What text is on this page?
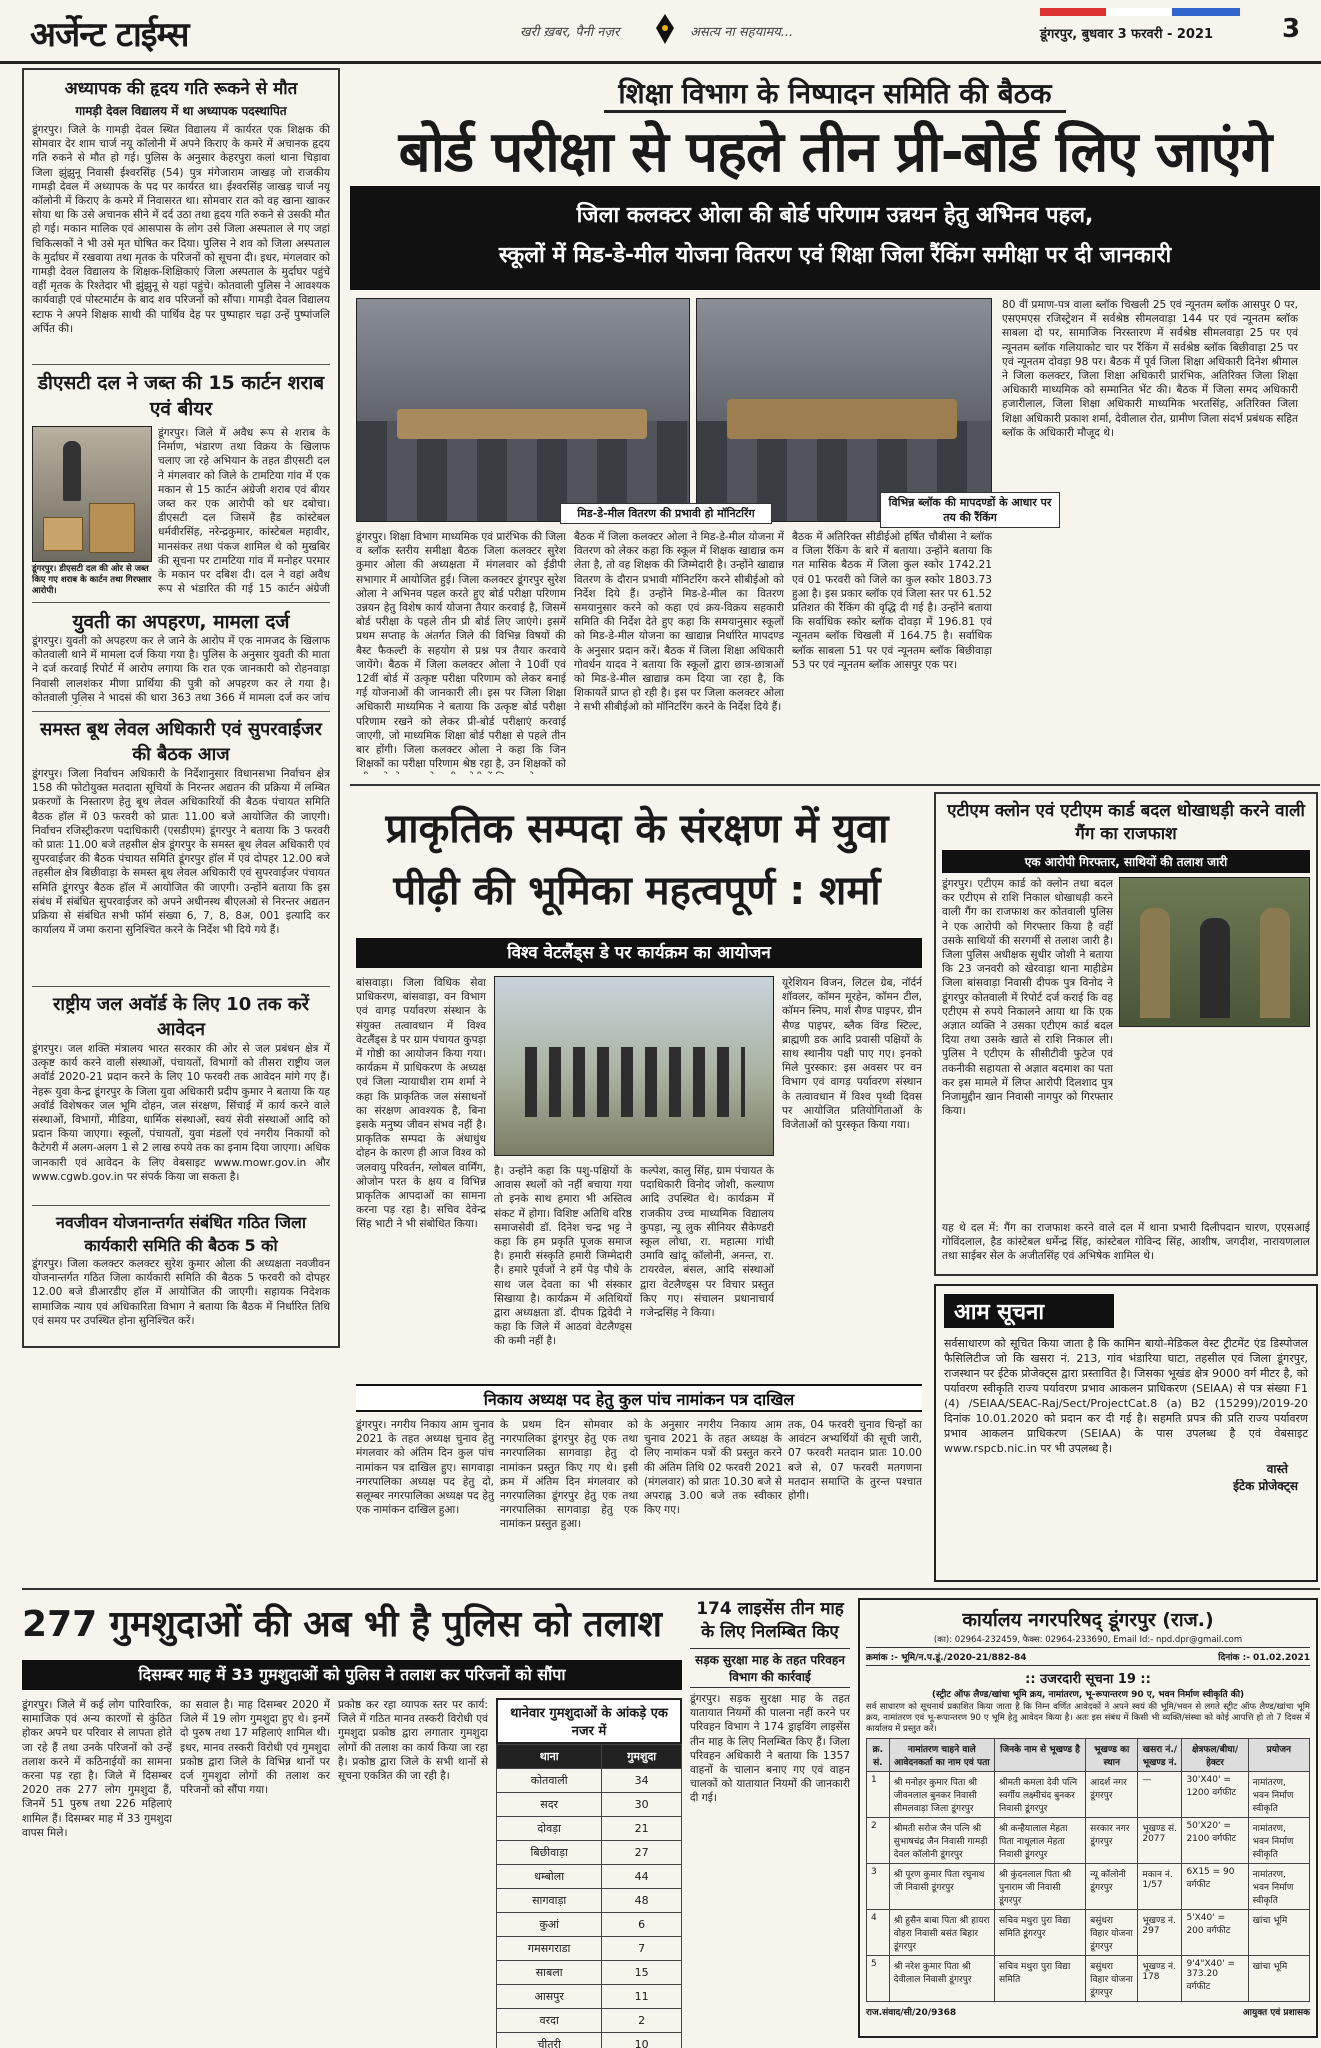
अर्जेन्ट टाईम्स	खरी ख़बर, पैनी नज़र	असत्य ना सहयामय...	डूंगरपुर, बुधवार 3 फरवरी - 2021	3
अध्यापक की हृदय गति रूकने से मौत
गामड़ी देवल विद्यालय में था अध्यापक पदस्थापित

डूंगरपुर। जिले के गामड़ी देवल स्थित विद्यालय में कार्यरत एक शिक्षक की सोमवार देर शाम चार्ज नयू कॉलोनी में अपने किराए के कमरे में अचानक हृदय गति रुकने से मौत हो गई। पुलिस के अनुसार केहरपुरा कलां थाना चिड़ावा जिला झुंझुनू निवासी ईश्वरसिंह (54) पुत्र मंगेजाराम जाखड़ जो राजकीय गामड़ी देवल में अध्यापक के पद पर कार्यरत था। ईश्वरसिंह जाखड़ चार्ज नयू कॉलोनी में किराए के कमरे में निवासरत था। सोमवार रात को वह खाना खाकर सोया था कि उसे अचानक सीने में दर्द उठा तथा हृदय गति रुकने से उसकी मौत हो गई। मकान मालिक एवं आसपास के लोग उसे जिला अस्पताल ले गए जहां चिकित्सकों ने भी उसे मृत घोषित कर दिया। पुलिस ने शव को जिला अस्पताल के मुर्दाघर में रखवाया तथा मृतक के परिजनों को सूचना दी। इधर, मंगलवार को गामड़ी देवल विद्यालय के शिक्षक-शिक्षिकाएं जिला अस्पताल के मुर्दाघर पहुंचे वहीं मृतक के रिश्तेदार भी झुंझुनू से यहां पहुंचे। कोतवाली पुलिस ने आवश्यक कार्यवाही एवं पोस्टमार्टम के बाद शव परिजनों को सौंपा। गामड़ी देवल विद्यालय स्टाफ ने अपने शिक्षक साथी की पार्थिव देह पर पुष्पाहार चढ़ा उन्हें पुष्पांजलि अर्पित की।

डीएसटी दल ने जब्त की 15 कार्टन शराब एवं बीयर
डूंगरपुर। डीएसटी दल की ओर से जब्त किए गए शराब के कार्टन तथा गिरफ्तार आरोपी।

डूंगरपुर। जिले में अवैध रूप से शराब के निर्माण, भंडारण तथा विक्रय के खिलाफ चलाए जा रहे अभियान के तहत डीएसटी दल ने मंगलवार को जिले के टामटिया गांव में एक मकान से 15 कार्टन अंग्रेजी शराब एवं बीयर जब्त कर एक आरोपी को धर दबोचा। डीएसटी दल जिसमें हैड कांस्टेबल धर्मवीरसिंह, नरेन्द्रकुमार, कांस्टेबल महावीर, मानसंकर तथा पंकज शामिल थे को मुखबिर की सूचना पर टामटिया गांव में मनोहर परमार के मकान पर दबिश दी। दल ने वहां अवैध रूप से भंडारित की गई 15 कार्टन अंग्रेजी

युवती का अपहरण, मामला दर्ज

डूंगरपुर। युवती को अपहरण कर ले जाने के आरोप में एक नामजद के खिलाफ कोतवाली थाने में मामला दर्ज किया गया है। पुलिस के अनुसार युवती की माता ने दर्ज करवाई रिपोर्ट में आरोप लगाया कि रात एक जानकारी को रोहनवाड़ा निवासी लालशंकर मीणा प्रार्थिया की पुत्री को अपहरण कर ले गया है। कोतवाली पुलिस ने भादसं की धारा 363 तथा 366 में मामला दर्ज कर जांच

समस्त बूथ लेवल अधिकारी एवं सुपरवाईजर की बैठक आज

डूंगरपुर। जिला निर्वाचन अधिकारी के निर्देशानुसार विधानसभा निर्वाचन क्षेत्र 158 की फोटोयुक्त मतदाता सूचियों के निरन्तर अद्यतन की प्रक्रिया में लम्बित प्रकरणों के निस्तारण हेतु बूथ लेवल अधिकारियों की बैठक पंचायत समिति बैठक हॉल में 03 फरवरी को प्रातः 11.00 बजे आयोजित की जाएगी। निर्वाचन रजिस्ट्रीकरण पदाधिकारी (एसडीएम) डूंगरपुर ने बताया कि 3 फरवरी को प्रातः 11.00 बजे तहसील क्षेत्र डूंगरपुर के समस्त बूथ लेवल अधिकारी एवं सुपरवाईजर की बैठक पंचायत समिति डूंगरपुर हॉल में एवं दोपहर 12.00 बजे तहसील क्षेत्र बिछीवाड़ा के समस्त बूथ लेवल अधिकारी एवं सुपरवाईजर पंचायत समिति डूंगरपुर बैठक हॉल में आयोजित की जाएगी। उन्होंने बताया कि इस संबंध में संबंधित सुपरवाईजर को अपने अधीनस्थ बीएलओ से निरन्तर अद्यतन प्रक्रिया से संबंधित सभी फॉर्म संख्या 6, 7, 8, 8अ, 001 इत्यादि कर कार्यालय में जमा कराना सुनिश्चित करने के निर्देश भी दिये गये हैं।

राष्ट्रीय जल अवॉर्ड के लिए 10 तक करें आवेदन

डूंगरपुर। जल शक्ति मंत्रालय भारत सरकार की ओर से जल प्रबंधन क्षेत्र में उत्कृष्ट कार्य करने वाली संस्थाओं, पंचायतों, विभागों को तीसरा राष्ट्रीय जल अवॉर्ड 2020-21 प्रदान करने के लिए 10 फरवरी तक आवेदन मांगे गए हैं। नेहरू युवा केन्द्र डूंगरपुर के जिला युवा अधिकारी प्रदीप कुमार ने बताया कि यह अवॉर्ड विशेषकर जल भूमि दोहन, जल संरक्षण, सिंचाई में कार्य करने वाले संस्थाओं, विभागों, मीडिया, धार्मिक संस्थाओं, स्वयं सेवी संस्थाओं आदि को प्रदान किया जाएगा। स्कूलों, पंचायतों, युवा मंडलों एवं नगरीय निकायों को कैटेगरी में अलग-अलग 1 से 2 लाख रुपये तक का इनाम दिया जाएगा। अधिक जानकारी एवं आवेदन के लिए वेबसाइट www.mowr.gov.in और www.cgwb.gov.in पर संपर्क किया जा सकता है।

नवजीवन योजनान्तर्गत संबंधित गठित जिला कार्यकारी समिति की बैठक 5 को

डूंगरपुर। जिला कलक्टर कलक्टर सुरेश कुमार ओला की अध्यक्षता नवजीवन योजनान्तर्गत गठित जिला कार्यकारी समिति की बैठक 5 फरवरी को दोपहर 12.00 बजे डीआरडीए हॉल में आयोजित की जाएगी। सहायक निदेशक सामाजिक न्याय एवं अधिकारिता विभाग ने बताया कि बैठक में निर्धारित तिथि एवं समय पर उपस्थित होना सुनिश्चित करें।

शिक्षा विभाग के निष्पादन समिति की बैठक
बोर्ड परीक्षा से पहले तीन प्री-बोर्ड लिए जाएंगे
जिला कलक्टर ओला की बोर्ड परिणाम उन्नयन हेतु अभिनव पहल,
स्कूलों में मिड-डे-मील योजना वितरण एवं शिक्षा जिला रैंकिंग समीक्षा पर दी जानकारी
मिड-डे-मील वितरण की प्रभावी हो मॉनिटरिंग
विभिन्न ब्लॉक की मापदण्डों के आधार पर तय की रैंकिंग

डूंगरपुर। शिक्षा विभाग माध्यमिक एवं प्रारंभिक की जिला व ब्लॉक स्तरीय समीक्षा बैठक जिला कलक्टर सुरेश कुमार ओला की अध्यक्षता में मंगलवार को ईडीपी सभागार में आयोजित हुई। जिला कलक्टर डूंगरपुर सुरेश ओला ने अभिनव पहल करते हुए बोर्ड परीक्षा परिणाम उन्नयन हेतु विशेष कार्य योजना तैयार करवाई है, जिसमें बोर्ड परीक्षा के पहले तीन प्री बोर्ड लिए जाएंगे। इसमें प्रथम सप्ताह के अंतर्गत जिले की विभिन्न विषयों की बैस्ट फैकल्टी के सहयोग से प्रश्न पत्र तैयार करवाये जायेंगे। बैठक में जिला कलक्टर ओला ने 10वीं एवं 12वीं बोर्ड में उत्कृष्ट परीक्षा परिणाम को लेकर बनाई गई योजनाओं की जानकारी ली। इस पर जिला शिक्षा अधिकारी माध्यमिक ने बताया कि उत्कृष्ट बोर्ड परीक्षा परिणाम रखने को लेकर प्री-बोर्ड परीक्षाएं करवाई जाएगी, जो माध्यमिक शिक्षा बोर्ड परीक्षा से पहले तीन बार होंगी। जिला कलक्टर ओला ने कहा कि जिन शिक्षकों का परीक्षा परिणाम श्रेष्ठ रहा है, उन शिक्षकों को

बैठक में जिला कलक्टर ओला ने मिड-डे-मील योजना में वितरण को लेकर कहा कि स्कूल में शिक्षक खाद्यान्न कम लेता है, तो वह शिक्षक की जिम्मेदारी है। उन्होंने खाद्यान्न वितरण के दौरान प्रभावी मॉनिटरिंग करने सीबीईओ को निर्देश दिये हैं। उन्होंने मिड-डे-मील का वितरण समयानुसार करने को कहा एवं क्रय-विक्रय सहकारी समिति की निर्देश देते हुए कहा कि समयानुसार स्कूलों को मिड-डे-मील योजना का खाद्यान्न निर्धारित मापदण्ड के अनुसार प्रदान करें। बैठक में जिला शिक्षा अधिकारी गोवर्धन यादव ने बताया कि स्कूलों द्वारा छात्र-छात्राओं को मिड-डे-मील खाद्यान्न कम दिया जा रहा है, कि शिकायतें प्राप्त हो रही है। इस पर जिला कलक्टर ओला ने सभी सीबीईओ को मॉनिटरिंग करने के निर्देश दिये हैं।

बैठक में अतिरिक्त सीडीईओ हर्षित चौबीसा ने ब्लॉक व जिला रैंकिंग के बारे में बताया। उन्होंने बताया कि गत मासिक बैठक में जिला कुल स्कोर 1742.21 एवं 01 फरवरी को जिले का कुल स्कोर 1803.73 हुआ है। इस प्रकार ब्लॉक एवं जिला स्तर पर 61.52 प्रतिशत की रैंकिंग की वृद्धि दी गई है। उन्होंने बताया कि सर्वाधिक स्कोर ब्लॉक दोवड़ा में 196.81 एवं न्यूनतम ब्लॉक चिखली में 164.75 है। सर्वाधिक ब्लॉक साबला 51 पर एवं न्यूनतम ब्लॉक बिछीवाड़ा 53 पर एवं न्यूनतम ब्लॉक आसपुर एक पर।

80 वीं प्रमाण-पत्र वाला ब्लॉक चिखली 25 एवं न्यूनतम ब्लॉक आसपुर 0 पर, एसएमएस रजिस्ट्रेशन में सर्वश्रेष्ठ सीमलवाड़ा 144 पर एवं न्यूनतम ब्लॉक साबला दो पर, सामाजिक निरस्तारण में सर्वश्रेष्ठ सीमलवाड़ा 25 पर एवं न्यूनतम ब्लॉक गलियाकोट चार पर रैंकिंग में सर्वश्रेष्ठ ब्लॉक बिछीवाड़ा 25 पर एवं न्यूनतम दोवड़ा 98 पर। बैठक में पूर्व जिला शिक्षा अधिकारी दिनेश श्रीमाल ने जिला कलक्टर, जिला शिक्षा अधिकारी प्रारंभिक, अतिरिक्त जिला शिक्षा अधिकारी माध्यमिक को सम्मानित भेंट की। बैठक में जिला समद अधिकारी हजारीलाल, जिला शिक्षा अधिकारी माध्यमिक भरतसिंह, अतिरिक्त जिला शिक्षा अधिकारी प्रकाश शर्मा, देवीलाल रोत, ग्रामीण जिला संदर्भ प्रबंधक सहित ब्लॉक के अधिकारी मौजूद थे।

प्राकृतिक सम्पदा के संरक्षण में युवा पीढ़ी की भूमिका महत्वपूर्ण : शर्मा
विश्व वेटलैंड्स डे पर कार्यक्रम का आयोजन

बांसवाड़ा। जिला विधिक सेवा प्राधिकरण, बांसवाड़ा, वन विभाग एवं वागड़ पर्यावरण संस्थान के संयुक्त तत्वावधान में विश्व वेटलैंड्स डे पर ग्राम पंचायत कुपड़ा में गोष्ठी का आयोजन किया गया। कार्यक्रम में प्राधिकरण के अध्यक्ष एवं जिला न्यायाधीश राम शर्मा ने कहा कि प्राकृतिक जल संसाधनों का संरक्षण आवश्यक है, बिना इसके मनुष्य जीवन संभव नहीं है। प्राकृतिक सम्पदा के अंधाधुंध दोहन के कारण ही आज विश्व को जलवायु परिवर्तन, ग्लोबल वार्मिंग, ओजोन परत के क्षय व विभिन्न प्राकृतिक आपदाओं का सामना करना पड़ रहा है। सचिव देवेन्द्र सिंह भाटी ने भी संबोधित किया।

है। उन्होंने कहा कि पशु-पक्षियों के आवास स्थलों को नहीं बचाया गया तो इनके साथ हमारा भी अस्तित्व संकट में होगा। विशिष्ट अतिथि वरिष्ठ समाजसेवी डॉ. दिनेश चन्द्र भट्ट ने कहा कि हम प्रकृति पूजक समाज है। हमारी संस्कृति हमारी जिम्मेदारी है। हमारे पूर्वजों ने हमें पेड़ पौधे के साथ जल देवता का भी संस्कार सिखाया है। कार्यक्रम में अतिथियों द्वारा अध्यक्षता डॉ. दीपक द्विवेदी ने कहा कि जिले में आठवां वेटलैण्ड्स की कमी नहीं है।

कल्पेश, कालु सिंह, ग्राम पंचायत के पदाधिकारी विनोद जोशी, कल्याण आदि उपस्थित थे। कार्यक्रम में राजकीय उच्च माध्यमिक विद्यालय कुपड़ा, न्यू लुक सीनियर सैकेण्डरी स्कूल लोधा, रा. महात्मा गांधी उमावि खांदू कॉलोनी, अनन्त, रा. टायरवेल, बंसल, आदि संस्थाओं द्वारा वेटलैण्ड्स पर विचार प्रस्तुत किए गए। संचालन प्रधानाचार्य गजेन्द्रसिंह ने किया।

यूरेशियन विजन, लिटल ग्रेब, नॉर्दर्न शॉवलर, कॉमन मूरहेन, कॉमन टील, कॉमन स्निप, मार्श सैण्ड पाइपर, ग्रीन सैण्ड पाइपर, ब्लैक विंग्ड स्टिल्ट, ब्राह्मणी डक आदि प्रवासी पक्षियों के साथ स्थानीय पक्षी पाए गए। इनको मिले पुरस्कार: इस अवसर पर वन विभाग एवं वागड़ पर्यावरण संस्थान के तत्वावधान में विश्व पृथ्वी दिवस पर आयोजित प्रतियोगिताओं के विजेताओं को पुरस्कृत किया गया।

एटीएम क्लोन एवं एटीएम कार्ड बदल धोखाधड़ी करने वाली गैंग का राजफाश
एक आरोपी गिरफ्तार, साथियों की तलाश जारी

डूंगरपुर। एटीएम कार्ड को क्लोन तथा बदल कर एटीएम से राशि निकाल धोखाधड़ी करने वाली गैंग का राजफाश कर कोतवाली पुलिस ने एक आरोपी को गिरफ्तार किया है वहीं उसके साथियों की सरगर्मी से तलाश जारी है। जिला पुलिस अधीक्षक सुधीर जोशी ने बताया कि 23 जनवरी को खेरवाड़ा थाना माहीडेम जिला बांसवाड़ा निवासी दीपक पुत्र विनोद ने डूंगरपुर कोतवाली में रिपोर्ट दर्ज कराई कि वह एटीएम से रुपये निकालने आया था कि एक अज्ञात व्यक्ति ने उसका एटीएम कार्ड बदल दिया तथा उसके खाते से राशि निकाल ली। पुलिस ने एटीएम के सीसीटीवी फुटेज एवं तकनीकी सहायता से अज्ञात बदमाश का पता कर इस मामले में लिप्त आरोपी दिलशाद पुत्र निजामुद्दीन खान निवासी नागपुर को गिरफ्तार किया।

यह थे दल में: गैंग का राजफाश करने वाले दल में थाना प्रभारी दिलीपदान चारण, एएसआई गोविंदलाल, हैड कांस्टेबल धर्मेन्द्र सिंह, कांस्टेबल गोविन्द सिंह, आशीष, जगदीश, नारायणलाल तथा साईबर सेल के अजीतसिंह एवं अभिषेक शामिल थे।

आम सूचना

सर्वसाधारण को सूचित किया जाता है कि कामिन बायो-मेडिकल वेस्ट ट्रीटमेंट एंड डिस्पोजल फैसिलिटीज जो कि खसरा नं. 213, गांव भंडारिया घाटा, तहसील एवं जिला डूंगरपुर, राजस्थान पर ईटेक प्रोजेक्ट्स द्वारा प्रस्तावित है। जिसका भूखंड क्षेत्र 9000 वर्ग मीटर है, को पर्यावरण स्वीकृति राज्य पर्यावरण प्रभाव आकलन प्राधिकरण (SEIAA) से पत्र संख्या F1 (4) /SEIAA/SEAC-Raj/Sect/ProjectCat.8 (a) B2 (15299)/2019-20 दिनांक 10.01.2020 को प्रदान कर दी गई है। सहमति प्रपत्र की प्रति राज्य पर्यावरण प्रभाव आकलन प्राधिकरण (SEIAA) के पास उपलब्ध है एवं वेबसाइट www.rspcb.nic.in पर भी उपलब्ध है।

वास्ते
ईटेक प्रोजेक्ट्स
निकाय अध्यक्ष पद हेतु कुल पांच नामांकन पत्र दाखिल

डूंगरपुर। नगरीय निकाय आम चुनाव 2021 के तहत अध्यक्ष चुनाव हेतु मंगलवार को अंतिम दिन कुल पांच नामांकन पत्र दाखिल हुए। सागवाड़ा नगरपालिका अध्यक्ष पद हेतु दो, सलूम्बर नगरपालिका अध्यक्ष पद हेतु एक नामांकन दाखिल हुआ।

के प्रथम दिन सोमवार को नगरपालिका डूंगरपुर हेतु एक तथा नगरपालिका सागवाड़ा हेतु दो नामांकन प्रस्तुत किए गए थे। इसी क्रम में अंतिम दिन मंगलवार को नगरपालिका डूंगरपुर हेतु एक तथा नगरपालिका सागवाड़ा हेतु एक नामांकन प्रस्तुत हुआ।

के अनुसार नगरीय निकाय आम चुनाव 2021 के तहत अध्यक्ष के लिए नामांकन पत्रों की प्रस्तुत करने की अंतिम तिथि 02 फरवरी 2021 (मंगलवार) को प्रातः 10.30 बजे से अपराह्न 3.00 बजे तक स्वीकार किए गए।

तक, 04 फरवरी चुनाव चिन्हों का आवंटन अभ्यर्थियों की सूची जारी, 07 फरवरी मतदान प्रातः 10.00 बजे से, 07 फरवरी मतगणना मतदान समाप्ति के तुरन्त पश्चात होगी।

277 गुमशुदाओं की अब भी है पुलिस को तलाश
दिसम्बर माह में 33 गुमशुदाओं को पुलिस ने तलाश कर परिजनों को सौंपा

डूंगरपुर। जिले में कई लोग पारिवारिक, सामाजिक एवं अन्य कारणों से कुंठित होकर अपने घर परिवार से लापता होते जा रहे हैं तथा उनके परिजनों को उन्हें तलाश करने में कठिनाईयों का सामना करना पड़ रहा है। जिले में दिसम्बर 2020 तक 277 लोग गुमशुदा हैं, जिनमें 51 पुरुष तथा 226 महिलाएं शामिल हैं। दिसम्बर माह में 33 गुमशुदा वापस मिले।

का सवाल है। माह दिसम्बर 2020 में जिले में 19 लोग गुमशुदा हुए थे। इनमें दो पुरुष तथा 17 महिलाएं शामिल थी। इधर, मानव तस्करी विरोधी एवं गुमशुदा प्रकोष्ठ द्वारा जिले के विभिन्न थानों पर दर्ज गुमशुदा लोगों की तलाश कर परिजनों को सौंपा गया।

प्रकोष्ठ कर रहा व्यापक स्तर पर कार्य: जिले में गठित मानव तस्करी विरोधी एवं गुमशुदा प्रकोष्ठ द्वारा लगातार गुमशुदा लोगों की तलाश का कार्य किया जा रहा है। प्रकोष्ठ द्वारा जिले के सभी थानों से सूचना एकत्रित की जा रही है।

थानेवार गुमशुदाओं के आंकड़े एक नजर में
थाना	गुमशुदा
कोतवाली	34
सदर	30
दोवड़ा	21
बिछीवाड़ा	27
धम्बोला	44
सागवाड़ा	48
कुआं	6
गमसगराडा	7
साबला	15
आसपुर	11
वरदा	2
चीतरी	10
174 लाइसेंस तीन माह के लिए निलम्बित किए
सड़क सुरक्षा माह के तहत परिवहन विभाग की कार्रवाई

डूंगरपुर। सड़क सुरक्षा माह के तहत यातायात नियमों की पालना नहीं करने पर परिवहन विभाग ने 174 ड्राइविंग लाइसेंस तीन माह के लिए निलम्बित किए हैं। जिला परिवहन अधिकारी ने बताया कि 1357 वाहनों के चालान बनाए गए एवं वाहन चालकों को यातायात नियमों की जानकारी दी गई।

कार्यालय नगरपरिषद् डूंगरपुर (राज.)
(का): 02964-232459, फैक्स: 02964-233690, Email Id:- npd.dpr@gmail.com
क्रमांक :- भूमि/न.प.डूं./2020-21/882-84	दिनांक :- 01.02.2021
:: उजरदारी सूचना 19 ::
(स्ट्रीट ऑफ लैण्ड/खांचा भूमि क्रय, नामांतरण, भू-रूपान्तरण 90 ए, भवन निर्माण स्वीकृति की)

सर्व साधारण को सूचनार्थ प्रकाशित किया जाता है कि निम्न वर्णित आवेदकों ने अपने स्वयं की भूमि/भवन से लगते स्ट्रीट ऑफ लैण्ड/खांचा भूमि क्रय, नामांतरण एवं भू-रूपान्तरण 90 ए भूमि हेतु आवेदन किया है। अतः इस संबंध में किसी भी व्यक्ति/संस्था को कोई आपत्ति हो तो 7 दिवस में कार्यालय में प्रस्तुत करें।

क्र. सं.	नामांतरण चाहने वाले आवेदनकर्ता का नाम एवं पता	जिनके नाम से भूखण्ड है	भूखण्ड का स्थान	खसरा नं./भूखण्ड नं.	क्षेत्रफल/बीघा/हेक्टर	प्रयोजन
1	श्री मनोहर कुमार पिता श्री जीवनलाल बुनकर निवासी सीमलवाड़ा जिला डूंगरपुर	श्रीमती कमला देवी पत्नि स्वर्गीय लक्ष्मीचंद बुनकर निवासी डूंगरपुर	आदर्श नगर डूंगरपुर	—	30'X40' = 1200 वर्गफीट	नामांतरण, भवन निर्माण स्वीकृति
2	श्रीमती सरोज जैन पत्नि श्री सुभाषचंद्र जैन निवासी गामड़ी देवल कॉलोनी डूंगरपुर	श्री कन्हैयालाल मेहता पिता नाथूलाल मेहता निवासी डूंगरपुर	सरकार नगर डूंगरपुर	भूखण्ड सं. 2077	50'X20' = 2100 वर्गफीट	नामांतरण, भवन निर्माण स्वीकृति
3	श्री पूरण कुमार पिता रघुनाथ जी निवासी डूंगरपुर	श्री कुंदनलाल पिता श्री पुनाराम जी निवासी डूंगरपुर	न्यू कॉलोनी डूंगरपुर	मकान नं. 1/57	6X15 = 90 वर्गफीट	नामांतरण, भवन निर्माण स्वीकृति
4	श्री हुसैन बाबा पिता श्री हायरा वोहरा निवासी बसंत बिहार डूंगरपुर	सचिव मथुरा पुरा विद्या समिति डूंगरपुर	बसुंधरा विहार योजना डूंगरपुर	भूखण्ड नं. 297	5'X40' = 200 वर्गफीट	खांचा भूमि
5	श्री नरेश कुमार पिता श्री देवीलाल निवासी डूंगरपुर	सचिव मथुरा पुरा विद्या समिति	बसुंधरा विहार योजना डूंगरपुर	भूखण्ड नं. 178	9'4"X40' = 373.20 वर्गफीट	खांचा भूमि
राज.संवाद/सी/20/9368	आयुक्त एवं प्रशासक
